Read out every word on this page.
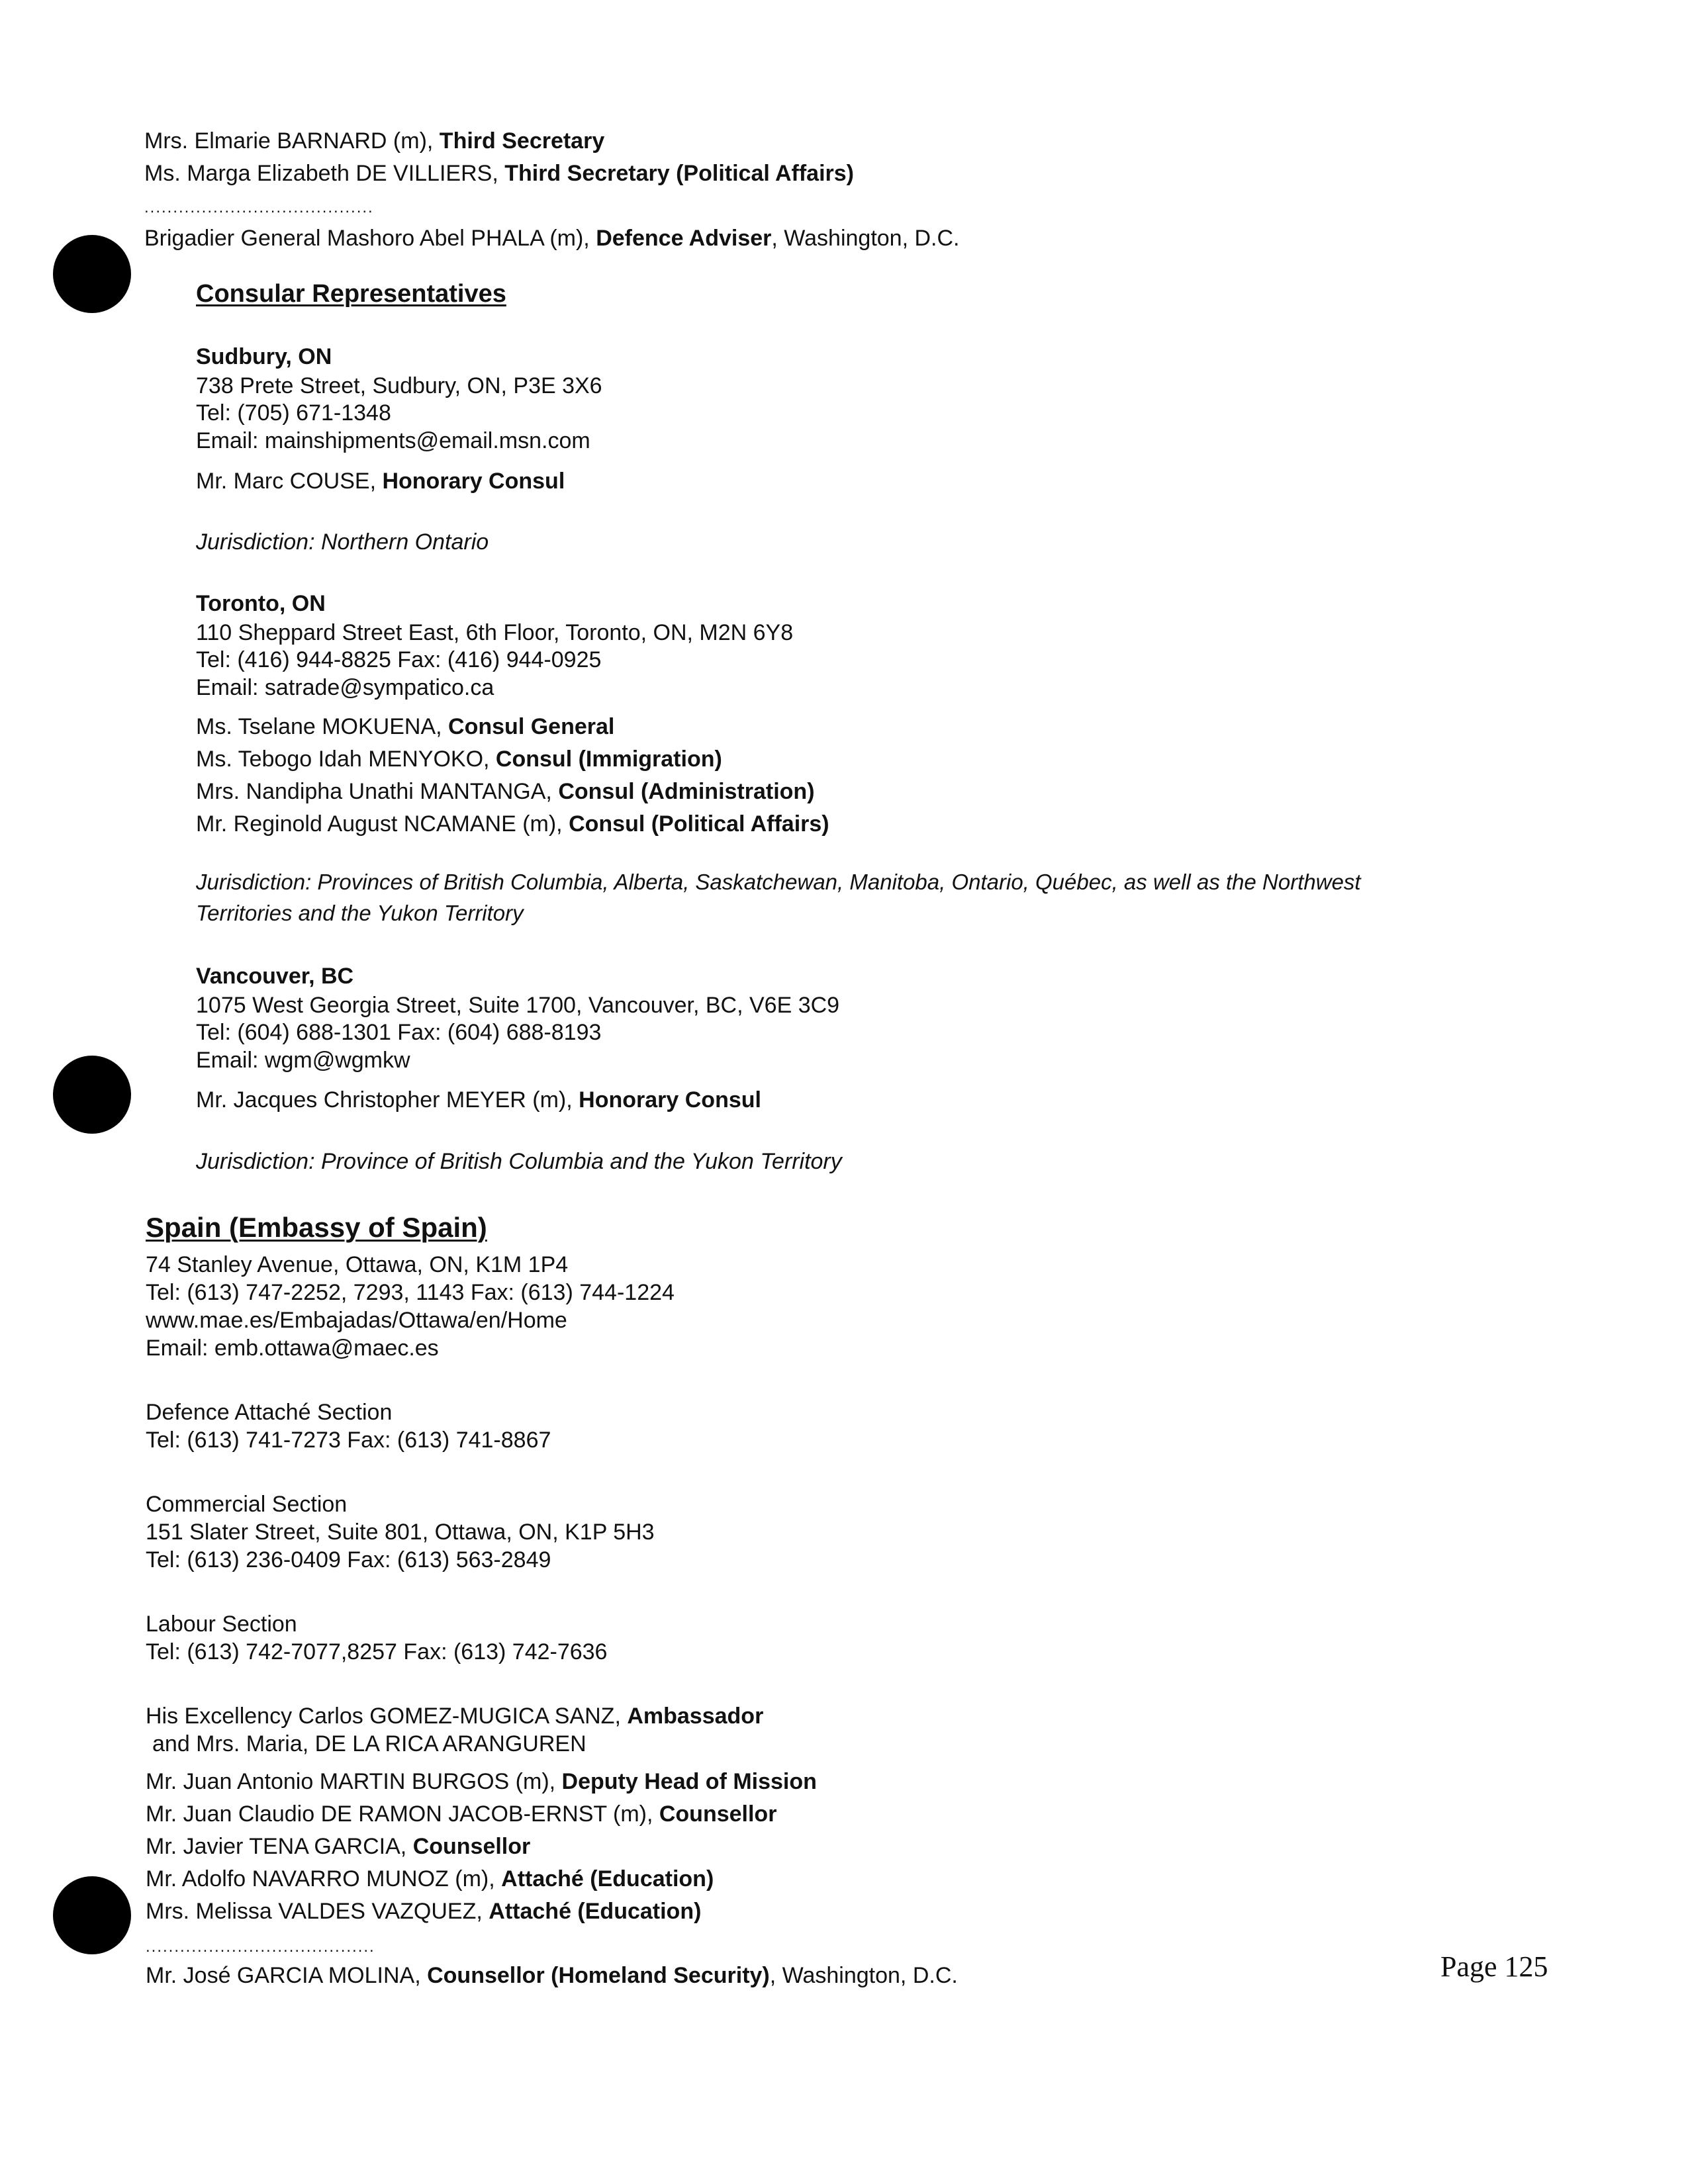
Mrs. Elmarie BARNARD (m), Third Secretary
Ms. Marga Elizabeth DE VILLIERS, Third Secretary (Political Affairs)
........................................
Brigadier General Mashoro Abel PHALA (m), Defence Adviser, Washington, D.C.
Consular Representatives
Sudbury, ON
738 Prete Street, Sudbury, ON, P3E 3X6
Tel: (705) 671-1348
Email: mainshipments@email.msn.com
Mr. Marc COUSE, Honorary Consul
Jurisdiction: Northern Ontario
Toronto, ON
110 Sheppard Street East, 6th Floor, Toronto, ON, M2N 6Y8
Tel: (416) 944-8825 Fax: (416) 944-0925
Email: satrade@sympatico.ca
Ms. Tselane MOKUENA, Consul General
Ms. Tebogo Idah MENYOKO, Consul (Immigration)
Mrs. Nandipha Unathi MANTANGA, Consul (Administration)
Mr. Reginold August NCAMANE (m), Consul (Political Affairs)
Jurisdiction: Provinces of British Columbia, Alberta, Saskatchewan, Manitoba, Ontario, Québec, as well as the Northwest
Territories and the Yukon Territory
Vancouver, BC
1075 West Georgia Street, Suite 1700, Vancouver, BC, V6E 3C9
Tel: (604) 688-1301 Fax: (604) 688-8193
Email: wgm@wgmkw
Mr. Jacques Christopher MEYER (m), Honorary Consul
Jurisdiction: Province of British Columbia and the Yukon Territory
Spain (Embassy of Spain)
74 Stanley Avenue, Ottawa, ON, K1M 1P4
Tel: (613) 747-2252, 7293, 1143 Fax: (613) 744-1224
www.mae.es/Embajadas/Ottawa/en/Home
Email: emb.ottawa@maec.es
Defence Attaché Section
Tel: (613) 741-7273 Fax: (613) 741-8867
Commercial Section
151 Slater Street, Suite 801, Ottawa, ON, K1P 5H3
Tel: (613) 236-0409 Fax: (613) 563-2849
Labour Section
Tel: (613) 742-7077,8257 Fax: (613) 742-7636
His Excellency Carlos GOMEZ-MUGICA SANZ, Ambassador
and Mrs. Maria, DE LA RICA ARANGUREN
Mr. Juan Antonio MARTIN BURGOS (m), Deputy Head of Mission
Mr. Juan Claudio DE RAMON JACOB-ERNST (m), Counsellor
Mr. Javier TENA GARCIA, Counsellor
Mr. Adolfo NAVARRO MUNOZ (m), Attaché (Education)
Mrs. Melissa VALDES VAZQUEZ, Attaché (Education)
........................................
Mr. José GARCIA MOLINA, Counsellor (Homeland Security), Washington, D.C.	Page 125
